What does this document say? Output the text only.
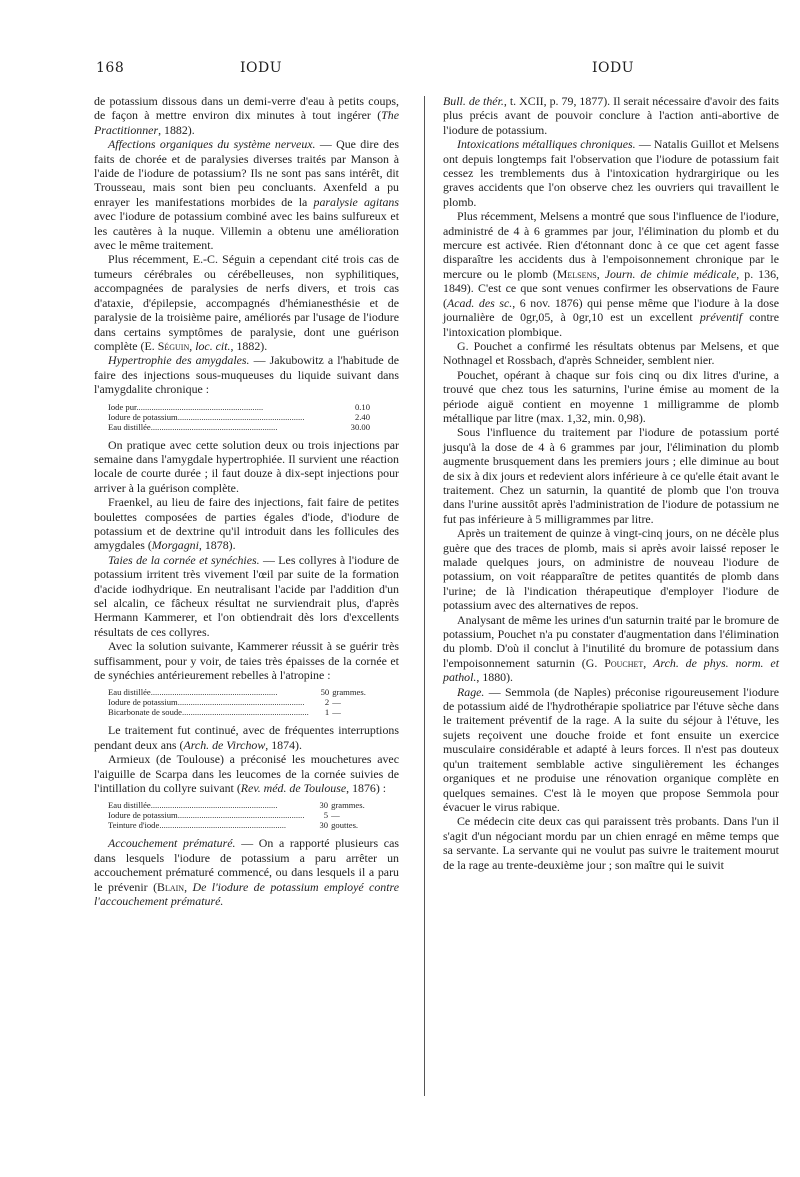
168	IODU	IODU

de potassium dissous dans un demi-verre d'eau à petits coups, de façon à mettre environ dix minutes à tout ingérer (The Practitionner, 1882).

Affections organiques du système nerveux. — Que dire des faits de chorée et de paralysies diverses traités par Manson à l'aide de l'iodure de potassium? Ils ne sont pas sans intérêt, dit Trousseau, mais sont bien peu concluants. Axenfeld a pu enrayer les manifestations morbides de la paralysie agitans avec l'iodure de potassium combiné avec les bains sulfureux et les cautères à la nuque. Villemin a obtenu une amélioration avec le même traitement.

Plus récemment, E.-C. Séguin a cependant cité trois cas de tumeurs cérébrales ou cérébelleuses, non syphilitiques, accompagnées de paralysies de nerfs divers, et trois cas d'ataxie, d'épilepsie, accompagnés d'hémianesthésie et de paralysie de la troisième paire, améliorés par l'usage de l'iodure dans certains symptômes de paralysie, dont une guérison complète (E. Séguin, loc. cit., 1882).

Hypertrophie des amygdales. — Jakubowitz a l'habitude de faire des injections sous-muqueuses du liquide suivant dans l'amygdalite chronique :

Iode pur...........................................................	0.10
Iodure de potassium...........................................................	2.40
Eau distillée...........................................................	30.00

On pratique avec cette solution deux ou trois injections par semaine dans l'amygdale hypertrophiée. Il survient une réaction locale de courte durée ; il faut douze à dix-sept injections pour arriver à la guérison complète.

Fraenkel, au lieu de faire des injections, fait faire de petites boulettes composées de parties égales d'iode, d'iodure de potassium et de dextrine qu'il introduit dans les follicules des amygdales (Morgagni, 1878).

Taies de la cornée et synéchies. — Les collyres à l'iodure de potassium irritent très vivement l'œil par suite de la formation d'acide iodhydrique. En neutralisant l'acide par l'addition d'un sel alcalin, ce fâcheux résultat ne surviendrait plus, d'après Hermann Kammerer, et l'on obtiendrait dès lors d'excellents résultats de ces collyres.

Avec la solution suivante, Kammerer réussit à se guérir très suffisamment, pour y voir, de taies très épaisses de la cornée et de synéchies antérieurement rebelles à l'atropine :

Eau distillée...........................................................	50	grammes.
Iodure de potassium...........................................................	2	—
Bicarbonate de soude...........................................................	1	—

Le traitement fut continué, avec de fréquentes interruptions pendant deux ans (Arch. de Virchow, 1874).

Armieux (de Toulouse) a préconisé les mouchetures avec l'aiguille de Scarpa dans les leucomes de la cornée suivies de l'intillation du collyre suivant (Rev. méd. de Toulouse, 1876) :

Eau distillée...........................................................	30	grammes.
Iodure de potassium...........................................................	5	—
Teinture d'iode...........................................................	30	gouttes.

Accouchement prématuré. — On a rapporté plusieurs cas dans lesquels l'iodure de potassium a paru arrêter un accouchement prématuré commencé, ou dans lesquels il a paru le prévenir (Blain, De l'iodure de potassium employé contre l'accouchement prématuré.

Bull. de thér., t. XCII, p. 79, 1877). Il serait nécessaire d'avoir des faits plus précis avant de pouvoir conclure à l'action anti-abortive de l'iodure de potassium.

Intoxications métalliques chroniques. — Natalis Guillot et Melsens ont depuis longtemps fait l'observation que l'iodure de potassium fait cessez les tremblements dus à l'intoxication hydrargirique ou les graves accidents que l'on observe chez les ouvriers qui travaillent le plomb.

Plus récemment, Melsens a montré que sous l'influence de l'iodure, administré de 4 à 6 grammes par jour, l'élimination du plomb et du mercure est activée. Rien d'étonnant donc à ce que cet agent fasse disparaître les accidents dus à l'empoisonnement chronique par le mercure ou le plomb (Melsens, Journ. de chimie médicale, p. 136, 1849). C'est ce que sont venues confirmer les observations de Faure (Acad. des sc., 6 nov. 1876) qui pense même que l'iodure à la dose journalière de 0gr,05, à 0gr,10 est un excellent préventif contre l'intoxication plombique.

G. Pouchet a confirmé les résultats obtenus par Melsens, et que Nothnagel et Rossbach, d'après Schneider, semblent nier.

Pouchet, opérant à chaque sur fois cinq ou dix litres d'urine, a trouvé que chez tous les saturnins, l'urine émise au moment de la période aiguë contient en moyenne 1 milligramme de plomb métallique par litre (max. 1,32, min. 0,98).

Sous l'influence du traitement par l'iodure de potassium porté jusqu'à la dose de 4 à 6 grammes par jour, l'élimination du plomb augmente brusquement dans les premiers jours ; elle diminue au bout de six à dix jours et redevient alors inférieure à ce qu'elle était avant le traitement. Chez un saturnin, la quantité de plomb que l'on trouva dans l'urine aussitôt après l'administration de l'iodure de potassium ne fut pas inférieure à 5 milligrammes par litre.

Après un traitement de quinze à vingt-cinq jours, on ne décèle plus guère que des traces de plomb, mais si après avoir laissé reposer le malade quelques jours, on administre de nouveau l'iodure de potassium, on voit réapparaître de petites quantités de plomb dans l'urine; de là l'indication thérapeutique d'employer l'iodure de potassium avec des alternatives de repos.

Analysant de même les urines d'un saturnin traité par le bromure de potassium, Pouchet n'a pu constater d'augmentation dans l'élimination du plomb. D'où il conclut à l'inutilité du bromure de potassium dans l'empoisonnement saturnin (G. Pouchet, Arch. de phys. norm. et pathol., 1880).

Rage. — Semmola (de Naples) préconise rigoureusement l'iodure de potassium aidé de l'hydrothérapie spoliatrice par l'étuve sèche dans le traitement préventif de la rage. A la suite du séjour à l'étuve, les sujets reçoivent une douche froide et font ensuite un exercice musculaire considérable et adapté à leurs forces. Il n'est pas douteux qu'un traitement semblable active singulièrement les échanges organiques et ne produise une rénovation organique complète en quelques semaines. C'est là le moyen que propose Semmola pour évacuer le virus rabique.

Ce médecin cite deux cas qui paraissent très probants. Dans l'un il s'agit d'un négociant mordu par un chien enragé en même temps que sa servante. La servante qui ne voulut pas suivre le traitement mourut de la rage au trente-deuxième jour ; son maître qui le suivit
